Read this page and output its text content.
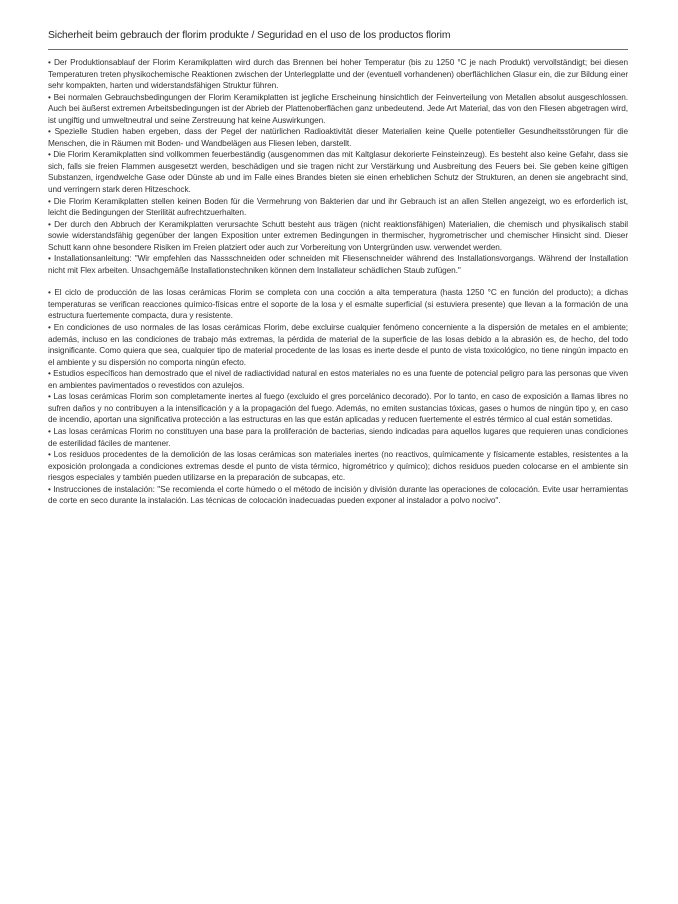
Sicherheit beim gebrauch der florim produkte / Seguridad en el uso de los productos florim

• Der Produktionsablauf der Florim Keramikplatten wird durch das Brennen bei hoher Temperatur (bis zu 1250 °C je nach Produkt) vervollständigt; bei diesen Temperaturen treten physikochemische Reaktionen zwischen der Unterlegplatte und der (eventuell vorhandenen) oberflächlichen Glasur ein, die zur Bildung einer sehr kompakten, harten und widerstandsfähigen Struktur führen.

• Bei normalen Gebrauchsbedingungen der Florim Keramikplatten ist jegliche Erscheinung hinsichtlich der Feinverteilung von Metallen absolut ausgeschlossen. Auch bei äußerst extremen Arbeitsbedingungen ist der Abrieb der Plattenoberflächen ganz unbedeutend. Jede Art Material, das von den Fliesen abgetragen wird, ist ungiftig und umweltneutral und seine Zerstreuung hat keine Auswirkungen.

• Spezielle Studien haben ergeben, dass der Pegel der natürlichen Radioaktivität dieser Materialien keine Quelle potentieller Gesundheitsstörungen für die Menschen, die in Räumen mit Boden- und Wandbelägen aus Fliesen leben, darstellt.

• Die Florim Keramikplatten sind vollkommen feuerbeständig (ausgenommen das mit Kaltglasur dekorierte Feinsteinzeug). Es besteht also keine Gefahr, dass sie sich, falls sie freien Flammen ausgesetzt werden, beschädigen und sie tragen nicht zur Verstärkung und Ausbreitung des Feuers bei. Sie geben keine giftigen Substanzen, irgendwelche Gase oder Dünste ab und im Falle eines Brandes bieten sie einen erheblichen Schutz der Strukturen, an denen sie angebracht sind, und verringern stark deren Hitzeschock.

• Die Florim Keramikplatten stellen keinen Boden für die Vermehrung von Bakterien dar und ihr Gebrauch ist an allen Stellen angezeigt, wo es erforderlich ist, leicht die Bedingungen der Sterilität aufrechtzuerhalten.

• Der durch den Abbruch der Keramikplatten verursachte Schutt besteht aus trägen (nicht reaktionsfähigen) Materialien, die chemisch und physikalisch stabil sowie widerstandsfähig gegenüber der langen Exposition unter extremen Bedingungen in thermischer, hygrometrischer und chemischer Hinsicht sind. Dieser Schutt kann ohne besondere Risiken im Freien platziert oder auch zur Vorbereitung von Untergründen usw. verwendet werden.

• Installationsanleitung: "Wir empfehlen das Nassschneiden oder schneiden mit Fliesenschneider während des Installationsvorgangs. Während der Installation nicht mit Flex arbeiten. Unsachgemäße Installationstechniken können dem Installateur schädlichen Staub zufügen."

• El ciclo de producción de las losas cerámicas Florim se completa con una cocción a alta temperatura (hasta 1250 °C en función del producto); a dichas temperaturas se verifican reacciones químico-físicas entre el soporte de la losa y el esmalte superficial (si estuviera presente) que llevan a la formación de una estructura fuertemente compacta, dura y resistente.

• En condiciones de uso normales de las losas cerámicas Florim, debe excluirse cualquier fenómeno concerniente a la dispersión de metales en el ambiente; además, incluso en las condiciones de trabajo más extremas, la pérdida de material de la superficie de las losas debido a la abrasión es, de hecho, del todo insignificante. Como quiera que sea, cualquier tipo de material procedente de las losas es inerte desde el punto de vista toxicológico, no tiene ningún impacto en el ambiente y su dispersión no comporta ningún efecto.

• Estudios específicos han demostrado que el nivel de radiactividad natural en estos materiales no es una fuente de potencial peligro para las personas que viven en ambientes pavimentados o revestidos con azulejos.

• Las losas cerámicas Florim son completamente inertes al fuego (excluido el gres porcelánico decorado). Por lo tanto, en caso de exposición a llamas libres no sufren daños y no contribuyen a la intensificación y a la propagación del fuego. Además, no emiten sustancias tóxicas, gases o humos de ningún tipo y, en caso de incendio, aportan una significativa protección a las estructuras en las que están aplicadas y reducen fuertemente el estrés térmico al cual están sometidas.

• Las losas cerámicas Florim no constituyen una base para la proliferación de bacterias, siendo indicadas para aquellos lugares que requieren unas condiciones de esterilidad fáciles de mantener.

• Los residuos procedentes de la demolición de las losas cerámicas son materiales inertes (no reactivos, químicamente y físicamente estables, resistentes a la exposición prolongada a condiciones extremas desde el punto de vista térmico, higrométrico y químico); dichos residuos pueden colocarse en el ambiente sin riesgos especiales y también pueden utilizarse en la preparación de subcapas, etc.

• Instrucciones de instalación: "Se recomienda el corte húmedo o el método de incisión y división durante las operaciones de colocación. Evite usar herramientas de corte en seco durante la instalación. Las técnicas de colocación inadecuadas pueden exponer al instalador a polvo nocivo".
